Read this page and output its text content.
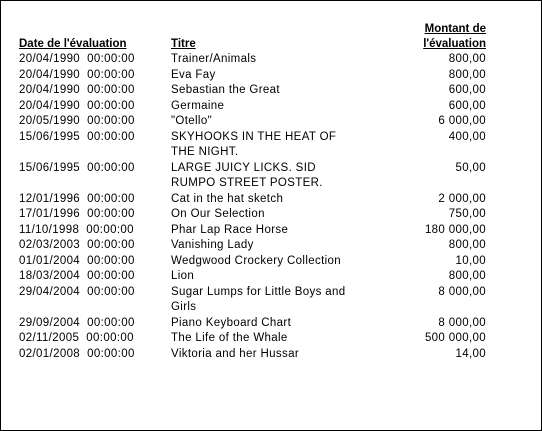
Date de l'évaluation	Titre	Montant de
l'évaluation
20/04/1990  00:00:00	Trainer/Animals	800,00
20/04/1990  00:00:00	Eva Fay	800,00
20/04/1990  00:00:00	Sebastian the Great	600,00
20/04/1990  00:00:00	Germaine	600,00
20/05/1990  00:00:00	"Otello"	6 000,00
15/06/1995  00:00:00	SKYHOOKS IN THE HEAT OF THE NIGHT.	400,00
15/06/1995  00:00:00	LARGE JUICY LICKS. SID RUMPO STREET POSTER.	50,00
12/01/1996  00:00:00	Cat in the hat sketch	2 000,00
17/01/1996  00:00:00	On Our Selection	750,00
11/10/1998  00:00:00	Phar Lap Race Horse	180 000,00
02/03/2003  00:00:00	Vanishing Lady	800,00
01/01/2004  00:00:00	Wedgwood Crockery Collection	10,00
18/03/2004  00:00:00	Lion	800,00
29/04/2004  00:00:00	Sugar Lumps for Little Boys and Girls	8 000,00
29/09/2004  00:00:00	Piano Keyboard Chart	8 000,00
02/11/2005  00:00:00	The Life of the Whale	500 000,00
02/01/2008  00:00:00	Viktoria and her Hussar	14,00
